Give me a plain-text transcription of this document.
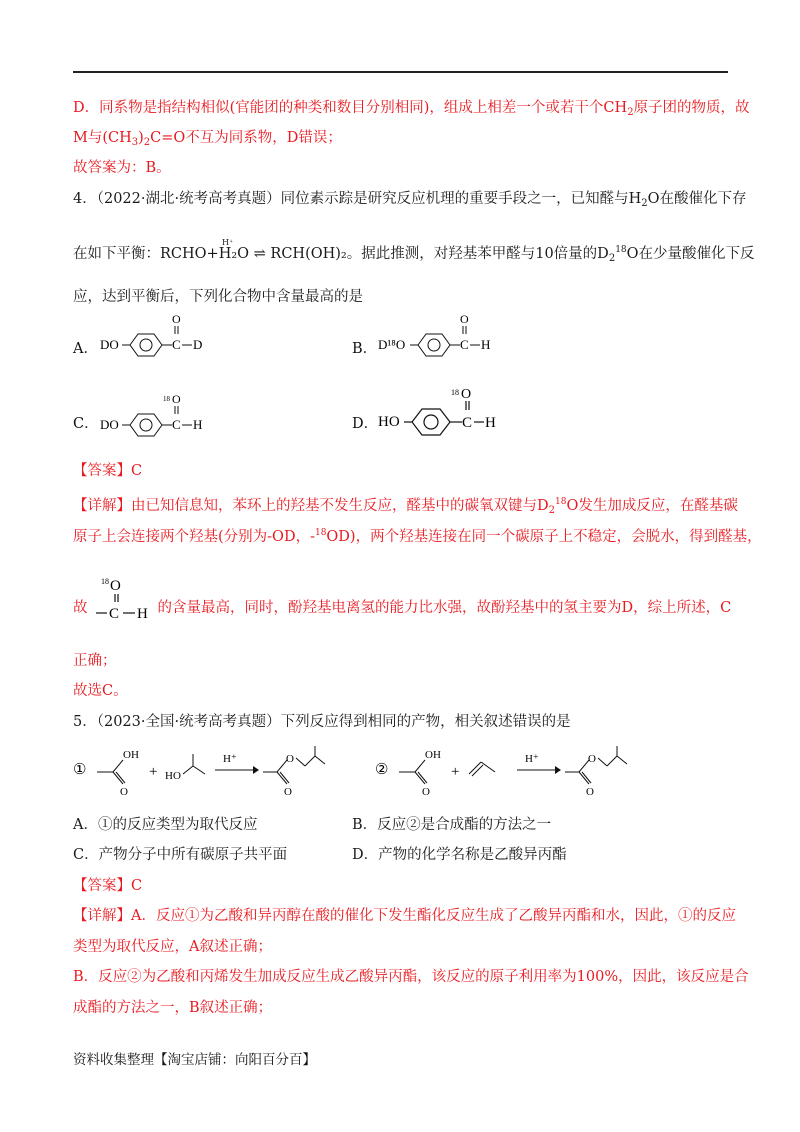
D．同系物是指结构相似(官能团的种类和数目分别相同)，组成上相差一个或若干个$CH_2$原子团的物质，故
M与$(CH_3)_2C=O$不互为同系物，D错误；
故答案为：B。
4．（2022·湖北·统考高考真题）同位素示踪是研究反应机理的重要手段之一，已知醛与$H_2O$在酸催化下存
在如下平衡：
H⁺
RCHO+H₂O ⇌ RCH(OH)₂。据此推测，对羟基苯甲醛与10倍量的$D_2^{18}O$在少量酸催化下反
应，达到平衡后，下列化合物中含量最高的是
A． DO	C
O
D	B． D¹⁸O	C
O
H
C． DO	C
18 O
H	D． HO	C
18 O
H
【答案】C
【详解】由已知信息知，苯环上的羟基不发生反应，醛基中的碳氧双键与$D_2^{18}O$发生加成反应，在醛基碳
原子上会连接两个羟基(分别为-OD，-$^{18}$OD)，两个羟基连接在同一个碳原子上不稳定，会脱水，得到醛基，
故	的含量最高，同时，酚羟基电离氢的能力比水强，故酚羟基中的氢主要为D，综上所述，C
18 O
C H
正确；
故选C。
5．（2023·全国·统考高考真题）下列反应得到相同的产物，相关叙述错误的是
①
OH
O
+ HO
H⁺
O
O
②
OH
O
+
H⁺
O
O
A．①的反应类型为取代反应	B．反应②是合成酯的方法之一
C．产物分子中所有碳原子共平面	D．产物的化学名称是乙酸异丙酯
【答案】C
【详解】A．反应①为乙酸和异丙醇在酸的催化下发生酯化反应生成了乙酸异丙酯和水，因此，①的反应
类型为取代反应，A叙述正确；
B．反应②为乙酸和丙烯发生加成反应生成乙酸异丙酯，该反应的原子利用率为100%，因此，该反应是合
成酯的方法之一，B叙述正确；
资料收集整理【淘宝店铺：向阳百分百】
